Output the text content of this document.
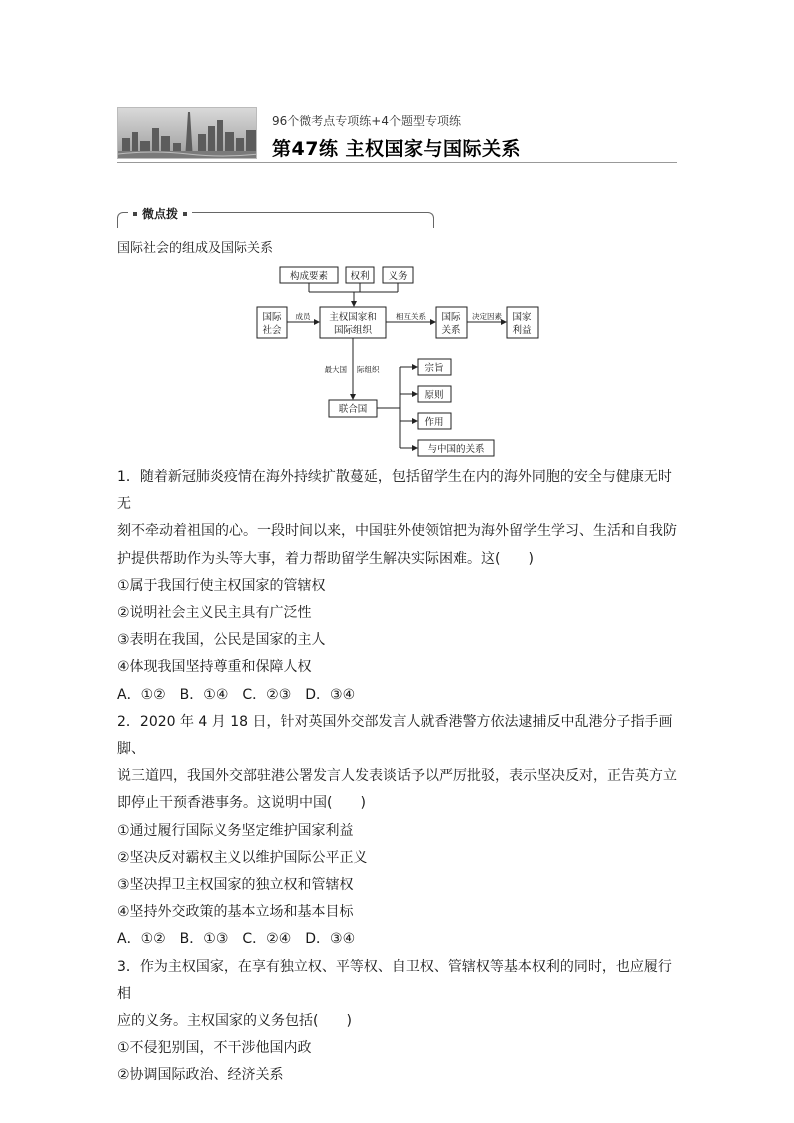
96个微考点专项练+4个题型专项练
第47练 主权国家与国际关系
微点拨
国际社会的组成及国际关系
构成要素 权利 义务
国际
社会
主权国家和
国际组织
国际
关系
国家
利益
联合国
宗旨
原则
作用
与中国的关系
成员	相互关系	决定因素
最大国 际组织

1．随着新冠肺炎疫情在海外持续扩散蔓延，包括留学生在内的海外同胞的安全与健康无时无

刻不牵动着祖国的心。一段时间以来，中国驻外使领馆把为海外留学生学习、生活和自我防

护提供帮助作为头等大事，着力帮助留学生解决实际困难。这(　　)

①属于我国行使主权国家的管辖权

②说明社会主义民主具有广泛性

③表明在我国，公民是国家的主人

④体现我国坚持尊重和保障人权

A．①②　B．①④　C．②③　D．③④

2．2020 年 4 月 18 日，针对英国外交部发言人就香港警方依法逮捕反中乱港分子指手画脚、

说三道四，我国外交部驻港公署发言人发表谈话予以严厉批驳，表示坚决反对，正告英方立

即停止干预香港事务。这说明中国(　　)

①通过履行国际义务坚定维护国家利益

②坚决反对霸权主义以维护国际公平正义

③坚决捍卫主权国家的独立权和管辖权

④坚持外交政策的基本立场和基本目标

A．①②　B．①③　C．②④　D．③④

3．作为主权国家，在享有独立权、平等权、自卫权、管辖权等基本权利的同时，也应履行相

应的义务。主权国家的义务包括(　　)

①不侵犯别国，不干涉他国内政

②协调国际政治、经济关系
